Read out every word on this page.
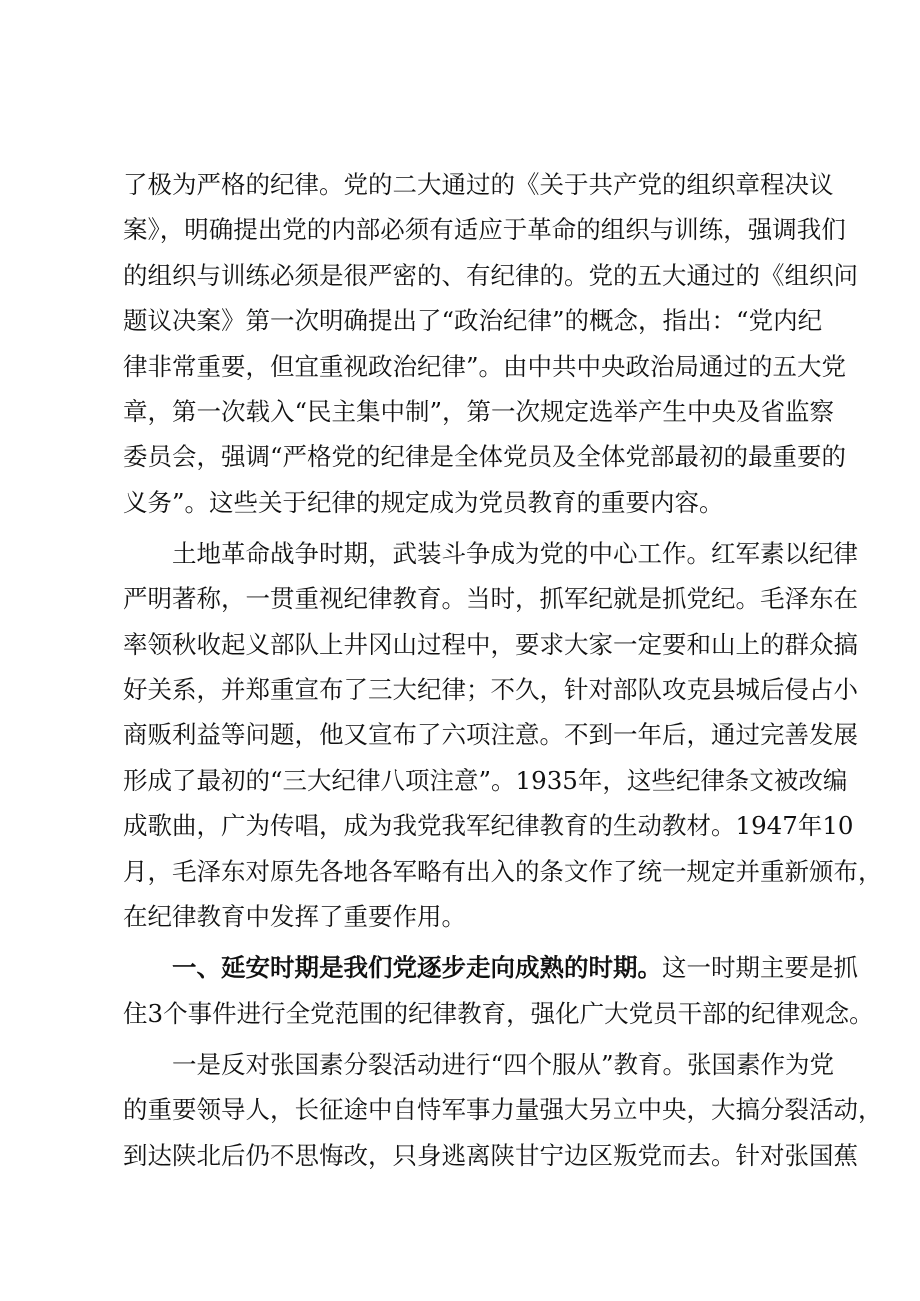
了极为严格的纪律。党的二大通过的《关于共产党的组织章程决议
案》，明确提出党的内部必须有适应于革命的组织与训练，强调我们
的组织与训练必须是很严密的、有纪律的。党的五大通过的《组织问
题议决案》第一次明确提出了“政治纪律”的概念，指出：“党内纪
律非常重要，但宜重视政治纪律”。由中共中央政治局通过的五大党
章，第一次载入“民主集中制”，第一次规定选举产生中央及省监察
委员会，强调“严格党的纪律是全体党员及全体党部最初的最重要的
义务”。这些关于纪律的规定成为党员教育的重要内容。
土地革命战争时期，武装斗争成为党的中心工作。红军素以纪律
严明著称，一贯重视纪律教育。当时，抓军纪就是抓党纪。毛泽东在
率领秋收起义部队上井冈山过程中，要求大家一定要和山上的群众搞
好关系，并郑重宣布了三大纪律；不久，针对部队攻克县城后侵占小
商贩利益等问题，他又宣布了六项注意。不到一年后，通过完善发展
形成了最初的“三大纪律八项注意”。1935年，这些纪律条文被改编
成歌曲，广为传唱，成为我党我军纪律教育的生动教材。1947年10
月，毛泽东对原先各地各军略有出入的条文作了统一规定并重新颁布，
在纪律教育中发挥了重要作用。
一、延安时期是我们党逐步走向成熟的时期。这一时期主要是抓
住3个事件进行全党范围的纪律教育，强化广大党员干部的纪律观念。
一是反对张国素分裂活动进行“四个服从”教育。张国素作为党
的重要领导人，长征途中自恃军事力量强大另立中央，大搞分裂活动，
到达陕北后仍不思悔改，只身逃离陕甘宁边区叛党而去。针对张国蕉
